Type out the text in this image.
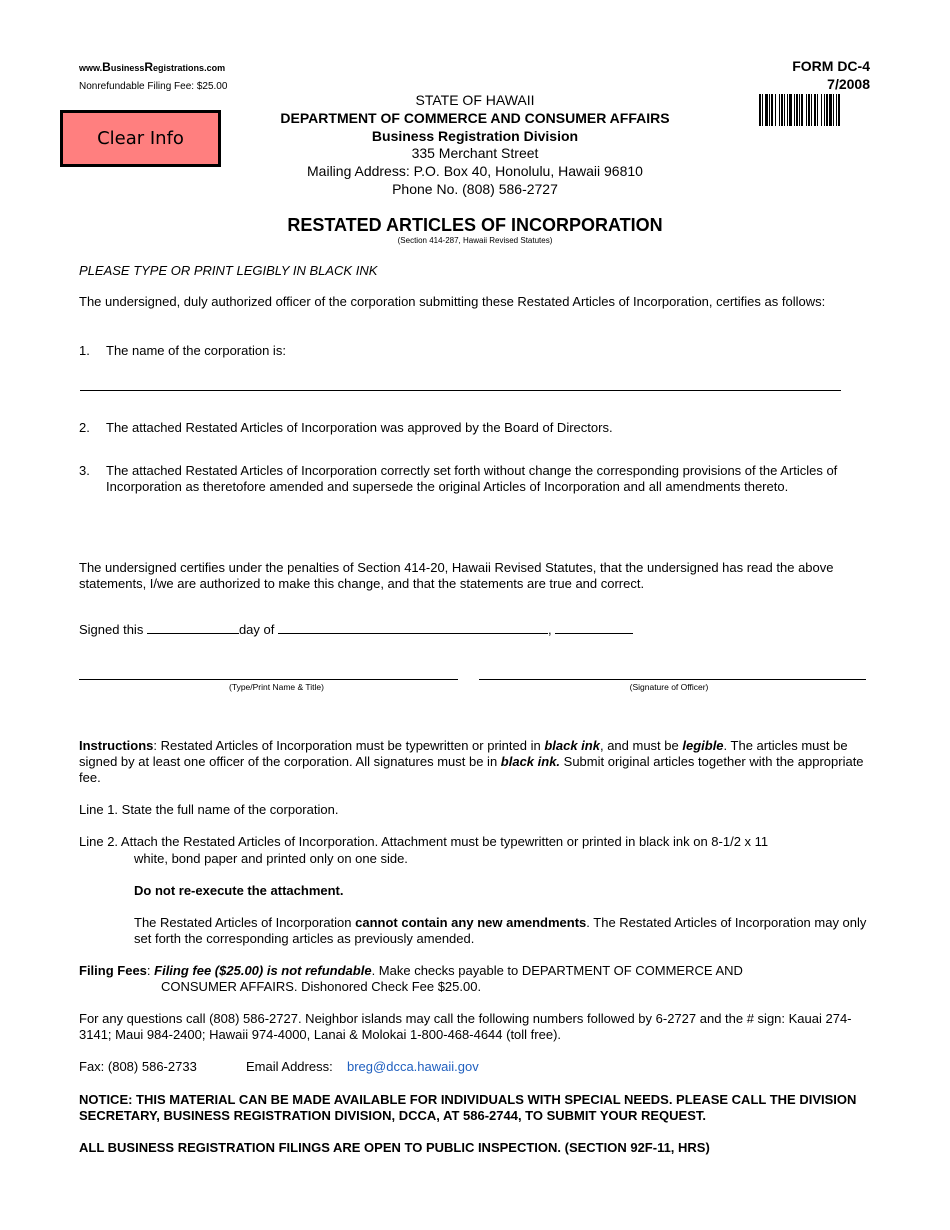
www.BusinessRegistrations.com
Nonrefundable Filing Fee: $25.00
Clear Info
FORM DC-4
7/2008
STATE OF HAWAII
DEPARTMENT OF COMMERCE AND CONSUMER AFFAIRS
Business Registration Division
335 Merchant Street
Mailing Address: P.O. Box 40, Honolulu, Hawaii 96810
Phone No. (808) 586-2727
RESTATED ARTICLES OF INCORPORATION
(Section 414-287, Hawaii Revised Statutes)
PLEASE TYPE OR PRINT LEGIBLY IN BLACK INK
The undersigned, duly authorized officer of the corporation submitting these Restated Articles of Incorporation, certifies as follows:
1. The name of the corporation is:
2. The attached Restated Articles of Incorporation was approved by the Board of Directors.
3. The attached Restated Articles of Incorporation correctly set forth without change the corresponding provisions of the Articles of Incorporation as theretofore amended and supersede the original Articles of Incorporation and all amendments thereto.
The undersigned certifies under the penalties of Section 414-20, Hawaii Revised Statutes, that the undersigned has read the above statements, I/we are authorized to make this change, and that the statements are true and correct.
Signed this	day of	,
(Type/Print Name & Title)	(Signature of Officer)
Instructions: Restated Articles of Incorporation must be typewritten or printed in black ink, and must be legible. The articles must be signed by at least one officer of the corporation. All signatures must be in black ink. Submit original articles together with the appropriate fee.
Line 1. State the full name of the corporation.
Line 2. Attach the Restated Articles of Incorporation. Attachment must be typewritten or printed in black ink on 8-1/2 x 11
white, bond paper and printed only on one side.
Do not re-execute the attachment.
The Restated Articles of Incorporation cannot contain any new amendments. The Restated Articles of Incorporation may only set forth the corresponding articles as previously amended.
Filing Fees: Filing fee ($25.00) is not refundable. Make checks payable to DEPARTMENT OF COMMERCE AND
CONSUMER AFFAIRS. Dishonored Check Fee $25.00.
For any questions call (808) 586-2727. Neighbor islands may call the following numbers followed by 6-2727 and the # sign: Kauai 274-3141; Maui 984-2400; Hawaii 974-4000, Lanai & Molokai 1-800-468-4644 (toll free).
Fax: (808) 586-2733	Email Address: breg@dcca.hawaii.gov
NOTICE: THIS MATERIAL CAN BE MADE AVAILABLE FOR INDIVIDUALS WITH SPECIAL NEEDS. PLEASE CALL THE DIVISION SECRETARY, BUSINESS REGISTRATION DIVISION, DCCA, AT 586-2744, TO SUBMIT YOUR REQUEST.
ALL BUSINESS REGISTRATION FILINGS ARE OPEN TO PUBLIC INSPECTION. (SECTION 92F-11, HRS)
